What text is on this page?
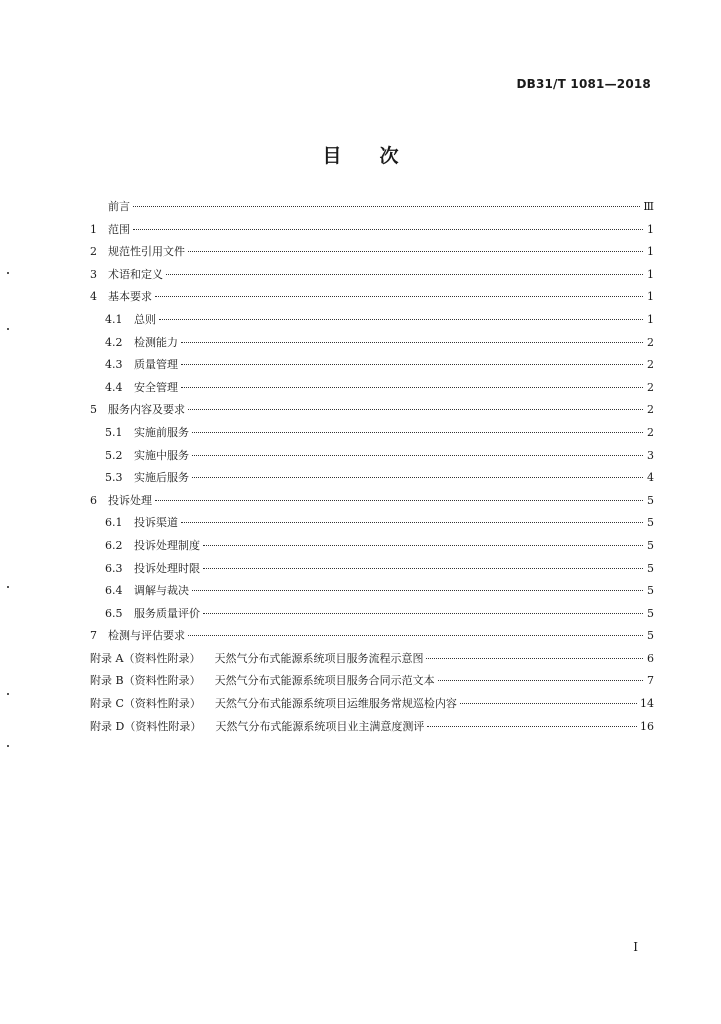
DB31/T 1081—2018
目次
前言	Ⅲ
1	范围	1
2	规范性引用文件	1
3	术语和定义	1
4	基本要求	1
4.1	总则	1
4.2	检测能力	2
4.3	质量管理	2
4.4	安全管理	2
5	服务内容及要求	2
5.1	实施前服务	2
5.2	实施中服务	3
5.3	实施后服务	4
6	投诉处理	5
6.1	投诉渠道	5
6.2	投诉处理制度	5
6.3	投诉处理时限	5
6.4	调解与裁决	5
6.5	服务质量评价	5
7	检测与评估要求	5
附录 A（资料性附录） 天然气分布式能源系统项目服务流程示意图	6
附录 B（资料性附录） 天然气分布式能源系统项目服务合同示范文本	7
附录 C（资料性附录） 天然气分布式能源系统项目运维服务常规巡检内容	14
附录 D（资料性附录） 天然气分布式能源系统项目业主满意度测评	16
I
